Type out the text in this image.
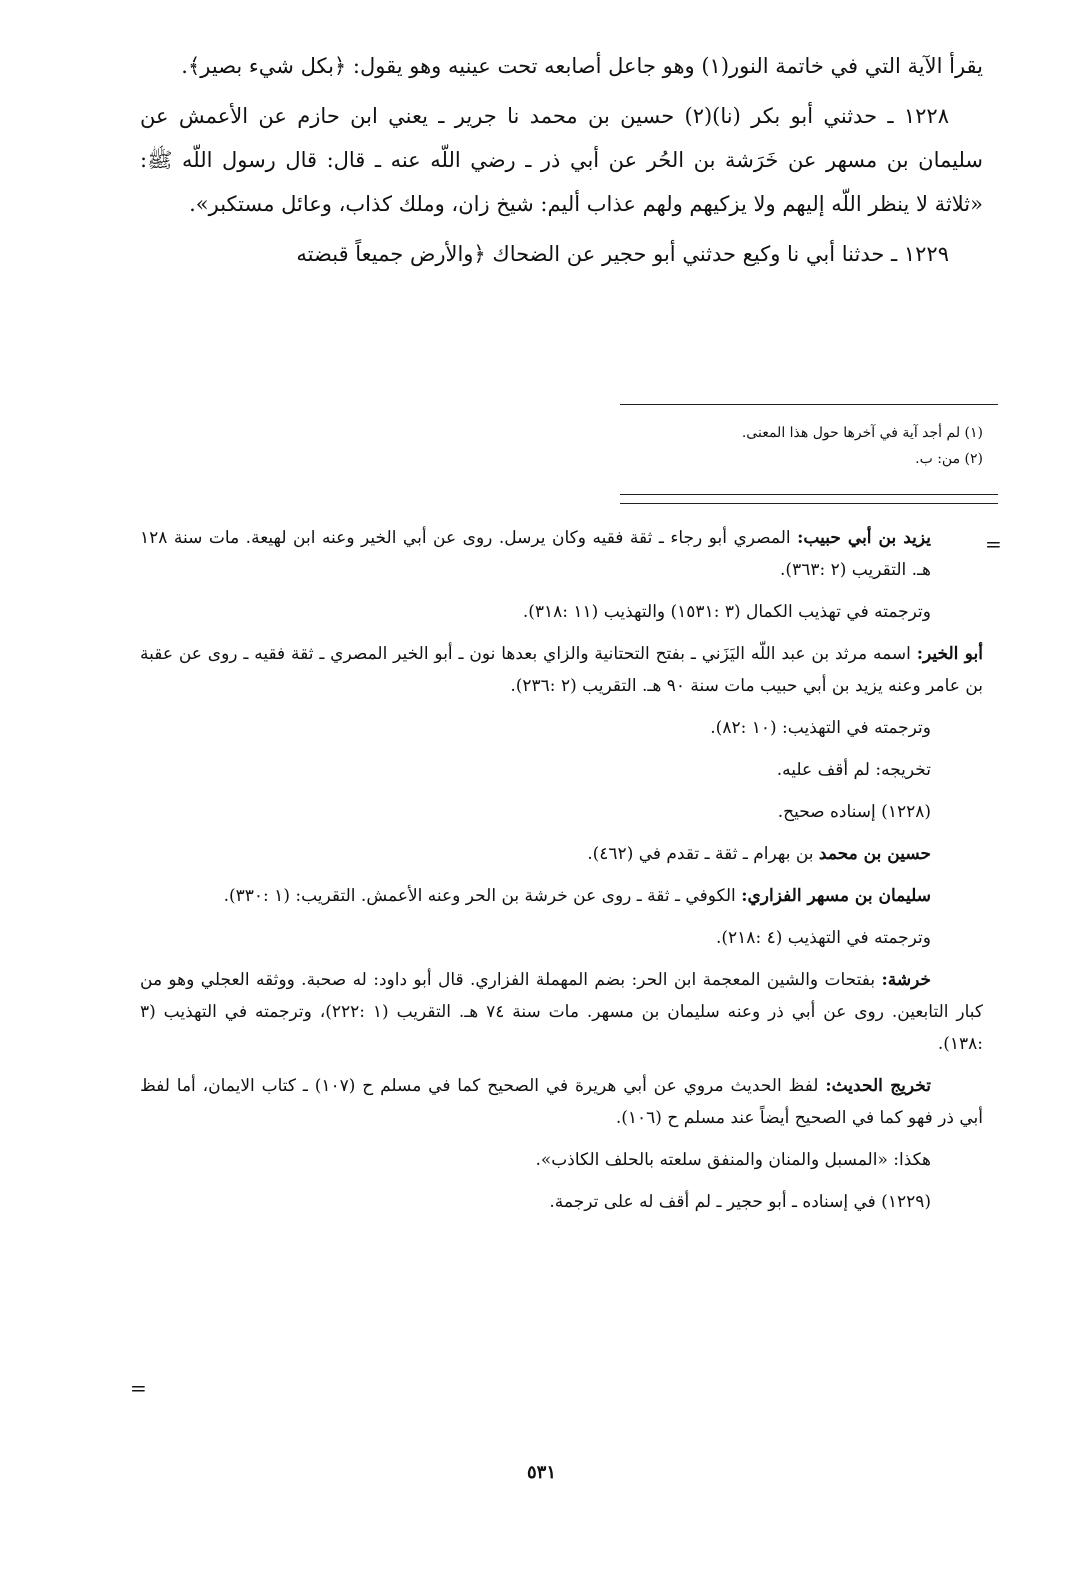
يقرأ الآية التي في خاتمة النور(١) وهو جاعل أصابعه تحت عينيه وهو يقول: ﴿بكل شيء بصير﴾.

١٢٢٨ ـ حدثني أبو بكر (نا)(٢) حسين بن محمد نا جرير ـ يعني ابن حازم عن الأعمش عن سليمان بن مسهر عن خَرَشة بن الحُر عن أبي ذر ـ رضي اللّه عنه ـ قال: قال رسول اللّه ﷺ: «ثلاثة لا ينظر اللّه إليهم ولا يزكيهم ولهم عذاب أليم: شيخ زان، وملك كذاب، وعائل مستكبر».

١٢٢٩ ـ حدثنا أبي نا وكيع حدثني أبو حجير عن الضحاك ﴿والأرض جميعاً قبضته

(١) لم أجد آية في آخرها حول هذا المعنى.

(٢) من: ب.

=

يزيد بن أبي حبيب: المصري أبو رجاء ـ ثقة فقيه وكان يرسل. روى عن أبي الخير وعنه ابن لهيعة. مات سنة ١٢٨ هـ. التقريب (٢ :٣٦٣).

وترجمته في تهذيب الكمال (٣ :١٥٣١) والتهذيب (١١ :٣١٨).

أبو الخير: اسمه مرثد بن عبد اللّه اليَزَني ـ بفتح التحتانية والزاي بعدها نون ـ أبو الخير المصري ـ ثقة فقيه ـ روى عن عقبة بن عامر وعنه يزيد بن أبي حبيب مات سنة ٩٠ هـ. التقريب (٢ :٢٣٦).

وترجمته في التهذيب: (١٠ :٨٢).

تخريجه: لم أقف عليه.

(١٢٢٨) إسناده صحيح.

حسين بن محمد بن بهرام ـ ثقة ـ تقدم في (٤٦٢).

سليمان بن مسهر الفزاري: الكوفي ـ ثقة ـ روى عن خرشة بن الحر وعنه الأعمش. التقريب: (١ :٣٣٠).

وترجمته في التهذيب (٤ :٢١٨).

خرشة: بفتحات والشين المعجمة ابن الحر: بضم المهملة الفزاري. قال أبو داود: له صحبة. ووثقه العجلي وهو من كبار التابعين. روى عن أبي ذر وعنه سليمان بن مسهر. مات سنة ٧٤ هـ. التقريب (١ :٢٢٢)، وترجمته في التهذيب (٣ :١٣٨).

تخريج الحديث: لفظ الحديث مروي عن أبي هريرة في الصحيح كما في مسلم ح (١٠٧) ـ كتاب الايمان، أما لفظ أبي ذر فهو كما في الصحيح أيضاً عند مسلم ح (١٠٦).

هكذا: «المسبل والمنان والمنفق سلعته بالحلف الكاذب».

(١٢٢٩) في إسناده ـ أبو حجير ـ لم أقف له على ترجمة.

=
٥٣١
